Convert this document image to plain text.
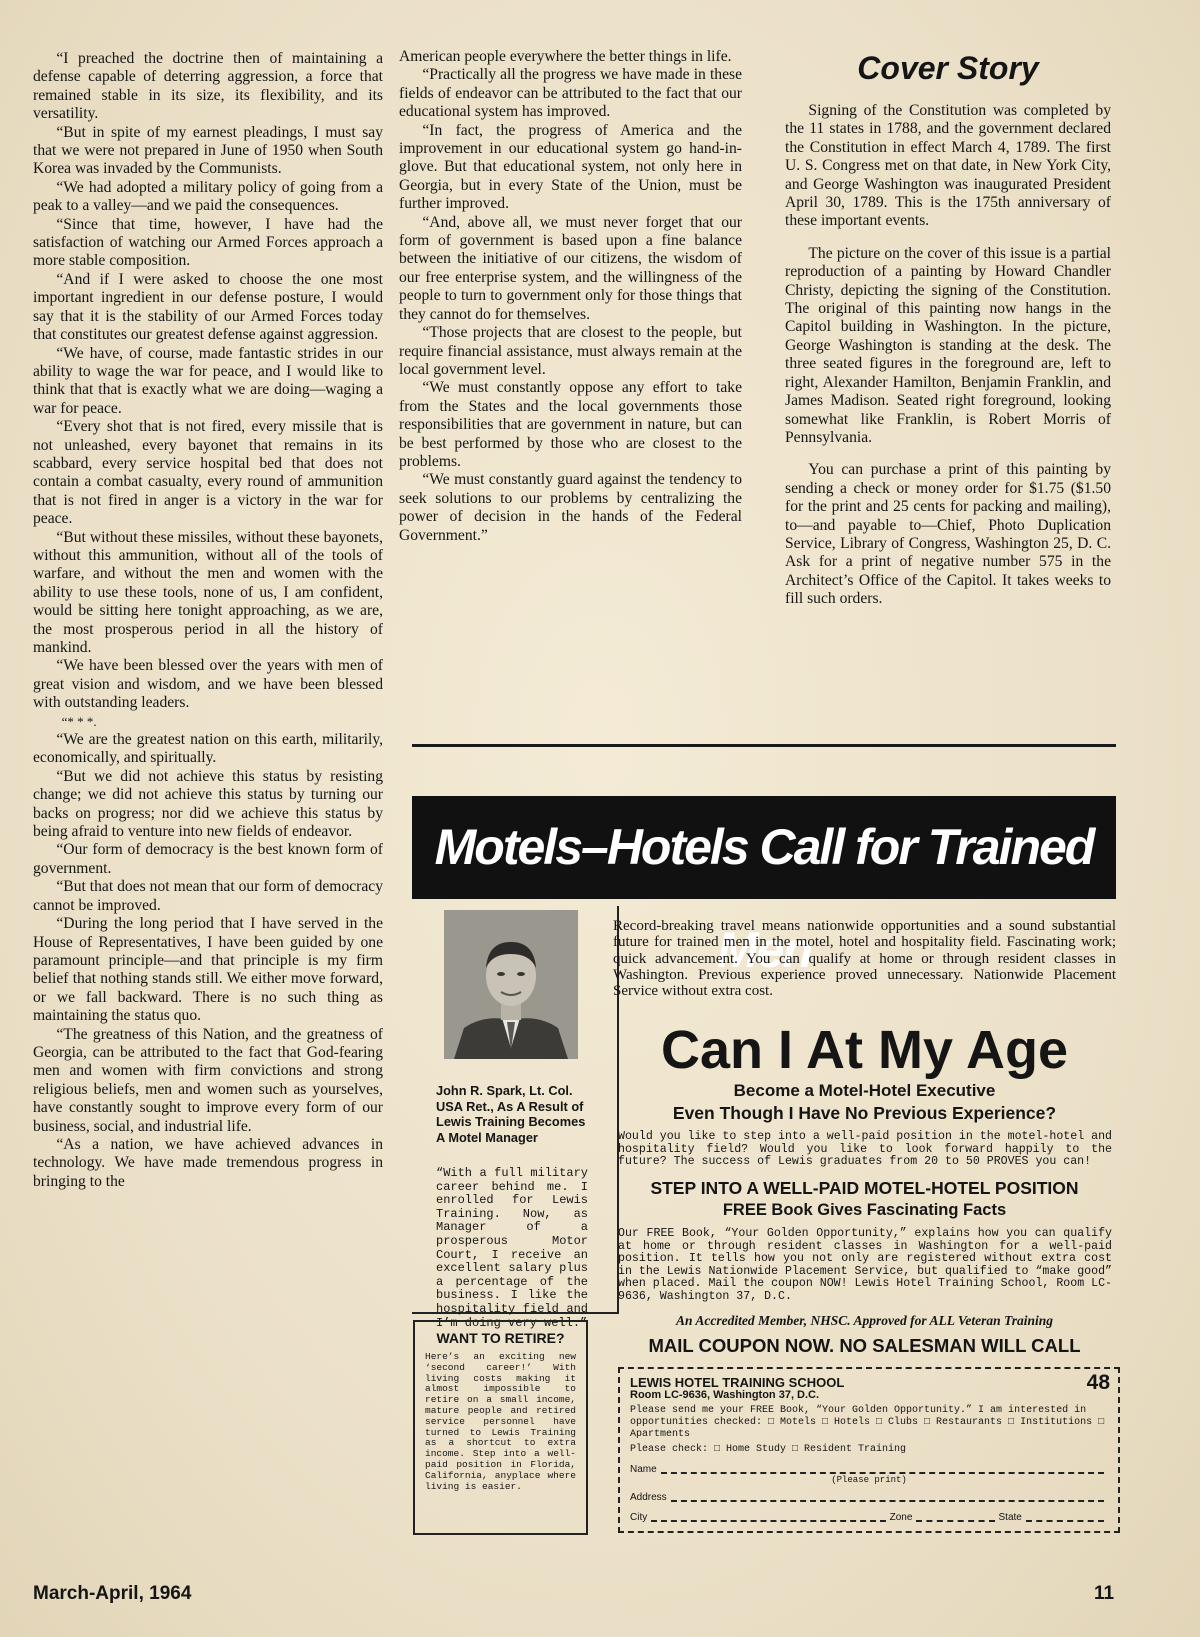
“I preached the doctrine then of maintaining a defense capable of deterring aggression, a force that remained stable in its size, its flexibility, and its versatility.

“But in spite of my earnest pleadings, I must say that we were not prepared in June of 1950 when South Korea was invaded by the Communists.

“We had adopted a military policy of going from a peak to a valley—and we paid the consequences.

“Since that time, however, I have had the satisfaction of watching our Armed Forces approach a more stable composition.

“And if I were asked to choose the one most important ingredient in our defense posture, I would say that it is the stability of our Armed Forces today that constitutes our greatest defense against aggression.

“We have, of course, made fantastic strides in our ability to wage the war for peace, and I would like to think that that is exactly what we are doing—waging a war for peace.

“Every shot that is not fired, every missile that is not unleashed, every bayonet that remains in its scabbard, every service hospital bed that does not contain a combat casualty, every round of ammunition that is not fired in anger is a victory in the war for peace.

“But without these missiles, without these bayonets, without this ammunition, without all of the tools of warfare, and without the men and women with the ability to use these tools, none of us, I am confident, would be sitting here tonight approaching, as we are, the most prosperous period in all the history of mankind.

“We have been blessed over the years with men of great vision and wisdom, and we have been blessed with outstanding leaders.

“* * *.

“We are the greatest nation on this earth, militarily, economically, and spiritually.

“But we did not achieve this status by resisting change; we did not achieve this status by turning our backs on progress; nor did we achieve this status by being afraid to venture into new fields of endeavor.

“Our form of democracy is the best known form of government.

“But that does not mean that our form of democracy cannot be improved.

“During the long period that I have served in the House of Representatives, I have been guided by one paramount principle—and that principle is my firm belief that nothing stands still. We either move forward, or we fall backward. There is no such thing as maintaining the status quo.

“The greatness of this Nation, and the greatness of Georgia, can be attributed to the fact that God-fearing men and women with firm convictions and strong religious beliefs, men and women such as yourselves, have constantly sought to improve every form of our business, social, and industrial life.

“As a nation, we have achieved advances in technology. We have made tremendous progress in bringing to the

American people everywhere the better things in life.

“Practically all the progress we have made in these fields of endeavor can be attributed to the fact that our educational system has improved.

“In fact, the progress of America and the improvement in our educational system go hand-in-glove. But that educational system, not only here in Georgia, but in every State of the Union, must be further improved.

“And, above all, we must never forget that our form of government is based upon a fine balance between the initiative of our citizens, the wisdom of our free enterprise system, and the willingness of the people to turn to government only for those things that they cannot do for themselves.

“Those projects that are closest to the people, but require financial assistance, must always remain at the local government level.

“We must constantly oppose any effort to take from the States and the local governments those responsibilities that are government in nature, but can be best performed by those who are closest to the problems.

“We must constantly guard against the tendency to seek solutions to our problems by centralizing the power of decision in the hands of the Federal Government.”

Cover Story

Signing of the Constitution was completed by the 11 states in 1788, and the government declared the Constitution in effect March 4, 1789. The first U. S. Congress met on that date, in New York City, and George Washington was inaugurated President April 30, 1789. This is the 175th anniversary of these important events.

The picture on the cover of this issue is a partial reproduction of a painting by Howard Chandler Christy, depicting the signing of the Constitution. The original of this painting now hangs in the Capitol building in Washington. In the picture, George Washington is standing at the desk. The three seated figures in the foreground are, left to right, Alexander Hamilton, Benjamin Franklin, and James Madison. Seated right foreground, looking somewhat like Franklin, is Robert Morris of Pennsylvania.

You can purchase a print of this painting by sending a check or money order for $1.75 ($1.50 for the print and 25 cents for packing and mailing), to—and payable to—Chief, Photo Duplication Service, Library of Congress, Washington 25, D. C. Ask for a print of negative number 575 in the Architect’s Office of the Capitol. It takes weeks to fill such orders.

Motels–Hotels Call for Trained Men
John R. Spark, Lt. Col. USA Ret., As A Result of Lewis Training Becomes A Motel Manager
“With a full military career behind me. I enrolled for Lewis Training. Now, as Manager of a prosperous Motor Court, I receive an excellent salary plus a percentage of the business. I like the hospitality field and I’m doing very well.”
WANT TO RETIRE?
Here’s an exciting new ‘second career!’ With living costs making it almost impossible to retire on a small income, mature people and retired service personnel have turned to Lewis Training as a shortcut to extra income. Step into a well-paid position in Florida, California, anyplace where living is easier.
Record-breaking travel means nationwide opportunities and a sound substantial future for trained men in the motel, hotel and hospitality field. Fascinating work; quick advancement. You can qualify at home or through resident classes in Washington. Previous experience proved unnecessary. Nationwide Placement Service without extra cost.
Can I At My Age
Become a Motel-Hotel Executive
Even Though I Have No Previous Experience?
Would you like to step into a well-paid position in the motel-hotel and hospitality field? Would you like to look forward happily to the future? The success of Lewis graduates from 20 to 50 PROVES you can!
STEP INTO A WELL-PAID MOTEL-HOTEL POSITION
FREE Book Gives Fascinating Facts
Our FREE Book, “Your Golden Opportunity,” explains how you can qualify at home or through resident classes in Washington for a well-paid position. It tells how you not only are registered without extra cost in the Lewis Nationwide Placement Service, but qualified to “make good” when placed. Mail the coupon NOW! Lewis Hotel Training School, Room LC-9636, Washington 37, D.C.
An Accredited Member, NHSC. Approved for ALL Veteran Training
MAIL COUPON NOW. NO SALESMAN WILL CALL
48
LEWIS HOTEL TRAINING SCHOOL
Room LC-9636, Washington 37, D.C.
Please send me your FREE Book, “Your Golden Opportunity.” I am interested in opportunities checked: □ Motels □ Hotels □ Clubs □ Restaurants □ Institutions □ Apartments
Please check: □ Home Study □ Resident Training
Name
(Please print)
Address
City	Zone	State
March-April, 1964	11
